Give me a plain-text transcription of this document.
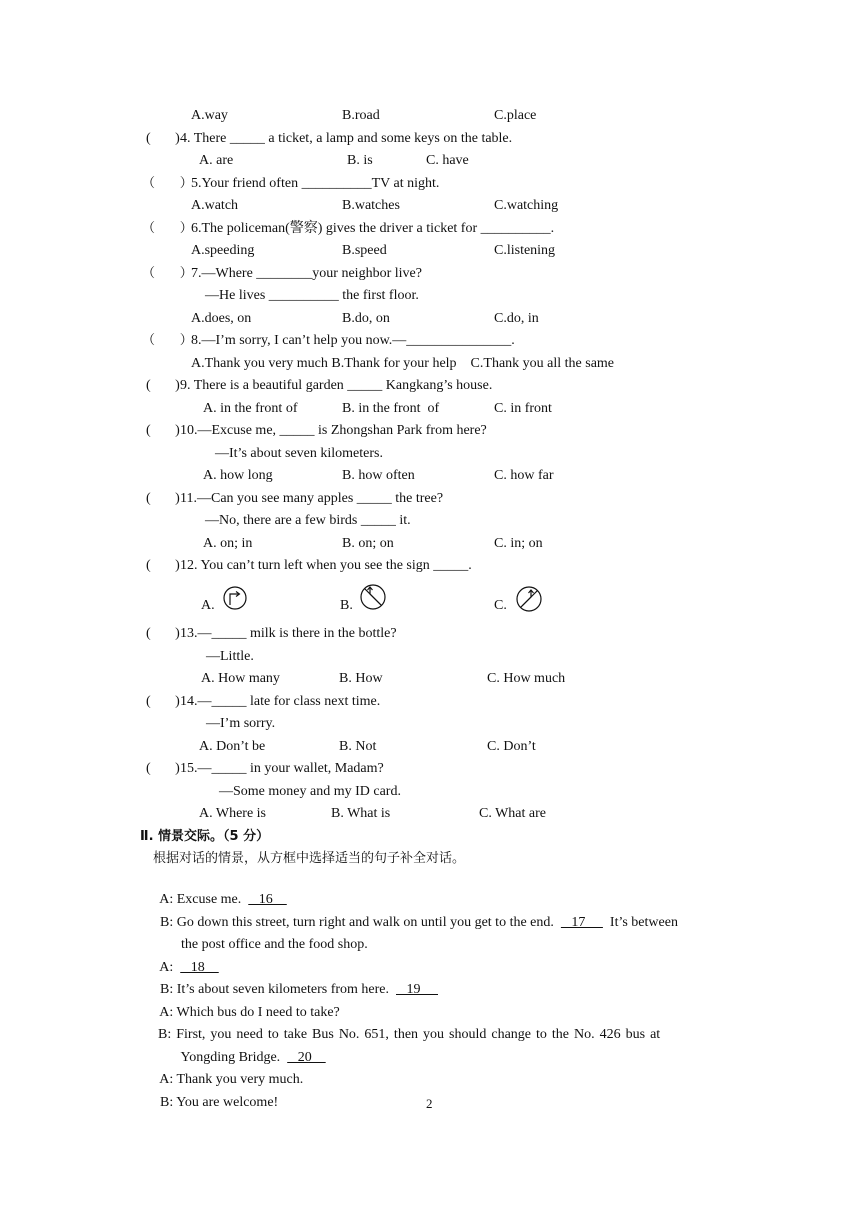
A.way	B.road	C.place
(       ) 4. There _____ a ticket, a lamp and some keys on the table.
A. are	B. is	C. have
（      ）
5.Your friend often __________TV at night.
A.watch	B.watches	C.watching
（      ）
6.The policeman(警察) gives the driver a ticket for __________.
A.speeding	B.speed	C.listening
（      ）
7.—Where ________your neighbor live?
—He lives __________ the first floor.
A.does, on	B.do, on	C.do, in
（      ）
8.—I’m sorry, I can’t help you now.—_______________.
A.Thank you very much B.Thank for your help    C.Thank you all the same
(       ) 9. There is a beautiful garden _____ Kangkang’s house.
A. in the front of	B. in the front  of	C. in front
(       ) 10.—Excuse me, _____ is Zhongshan Park from here?
—It’s about seven kilometers.
A. how long	B. how often	C. how far
(       ) 11.—Can you see many apples _____ the tree?
—No, there are a few birds _____ it.
A. on; in	B. on; on	C. in; on
(       ) 12. You can’t turn left when you see the sign _____.
A.	B.	C.
(       ) 13.—_____ milk is there in the bottle?
—Little.
A. How many	B. How	C. How much
(       ) 14.—_____ late for class next time.
—I’m sorry.
A. Don’t be	B. Not	C. Don’t
(       ) 15.—_____ in your wallet, Madam?
—Some money and my ID card.
A. Where is	B. What is	C. What are
Ⅱ. 情景交际。（5 分）
根据对话的情景，从方框中选择适当的句子补全对话。

A: Excuse me.     16

B: Go down this street, turn right and walk on until you get to the end.     17       It’s between

the post office and the food shop.

A:     18

B: It’s about seven kilometers from here.     19

A: Which bus do I need to take?

B:  First,  you  need  to  take  Bus  No.  651,  then  you  should  change  to  the  No.  426  bus  at

Yongding Bridge.     20

A: Thank you very much.

B: You are welcome!	2
